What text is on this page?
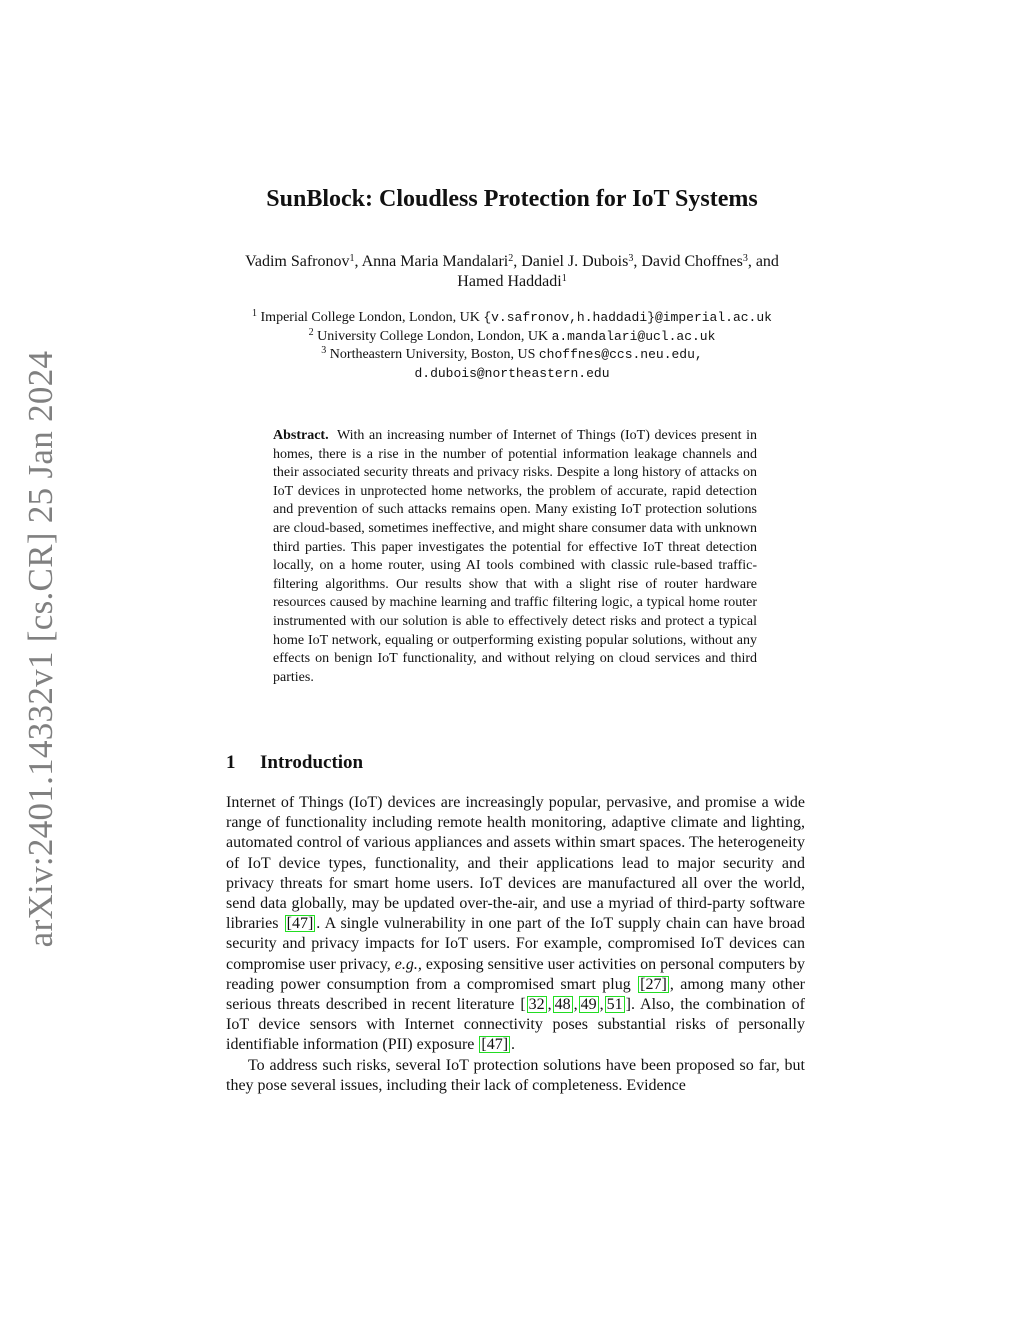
arXiv:2401.14332v1 [cs.CR] 25 Jan 2024
SunBlock: Cloudless Protection for IoT Systems
Vadim Safronov$^1$, Anna Maria Mandalari$^2$, Daniel J. Dubois$^3$, David Choffnes$^3$, and Hamed Haddadi$^1$
$^1$ Imperial College London, London, UK {v.safronov,h.haddadi}@imperial.ac.uk
$^2$ University College London, London, UK a.mandalari@ucl.ac.uk
$^3$ Northeastern University, Boston, US choffnes@ccs.neu.edu,
d.dubois@northeastern.edu
Abstract. With an increasing number of Internet of Things (IoT) devices present in homes, there is a rise in the number of potential information leakage channels and their associated security threats and privacy risks. Despite a long history of attacks on IoT devices in unprotected home networks, the problem of accurate, rapid detection and prevention of such attacks remains open. Many existing IoT protection solutions are cloud-based, sometimes ineffective, and might share consumer data with unknown third parties. This paper investigates the potential for effective IoT threat detection locally, on a home router, using AI tools combined with classic rule-based traffic-filtering algorithms. Our results show that with a slight rise of router hardware resources caused by machine learning and traffic filtering logic, a typical home router instrumented with our solution is able to effectively detect risks and protect a typical home IoT network, equaling or outperforming existing popular solutions, without any effects on benign IoT functionality, and without relying on cloud services and third parties.
1 Introduction

Internet of Things (IoT) devices are increasingly popular, pervasive, and promise a wide range of functionality including remote health monitoring, adaptive climate and lighting, automated control of various appliances and assets within smart spaces. The heterogeneity of IoT device types, functionality, and their applications lead to major security and privacy threats for smart home users. IoT devices are manufactured all over the world, send data globally, may be updated over-the-air, and use a myriad of third-party software libraries [47] . A single vulnerability in one part of the IoT supply chain can have broad security and privacy impacts for IoT users. For example, compromised IoT devices can compromise user privacy, e.g., exposing sensitive user activities on personal computers by reading power consumption from a compromised smart plug [27] , among many other serious threats described in recent literature [ 32 , 48 , 49 , 51 ]. Also, the combination of IoT device sensors with Internet connectivity poses substantial risks of personally identifiable information (PII) exposure [47] .

To address such risks, several IoT protection solutions have been proposed so far, but they pose several issues, including their lack of completeness. Evidence
